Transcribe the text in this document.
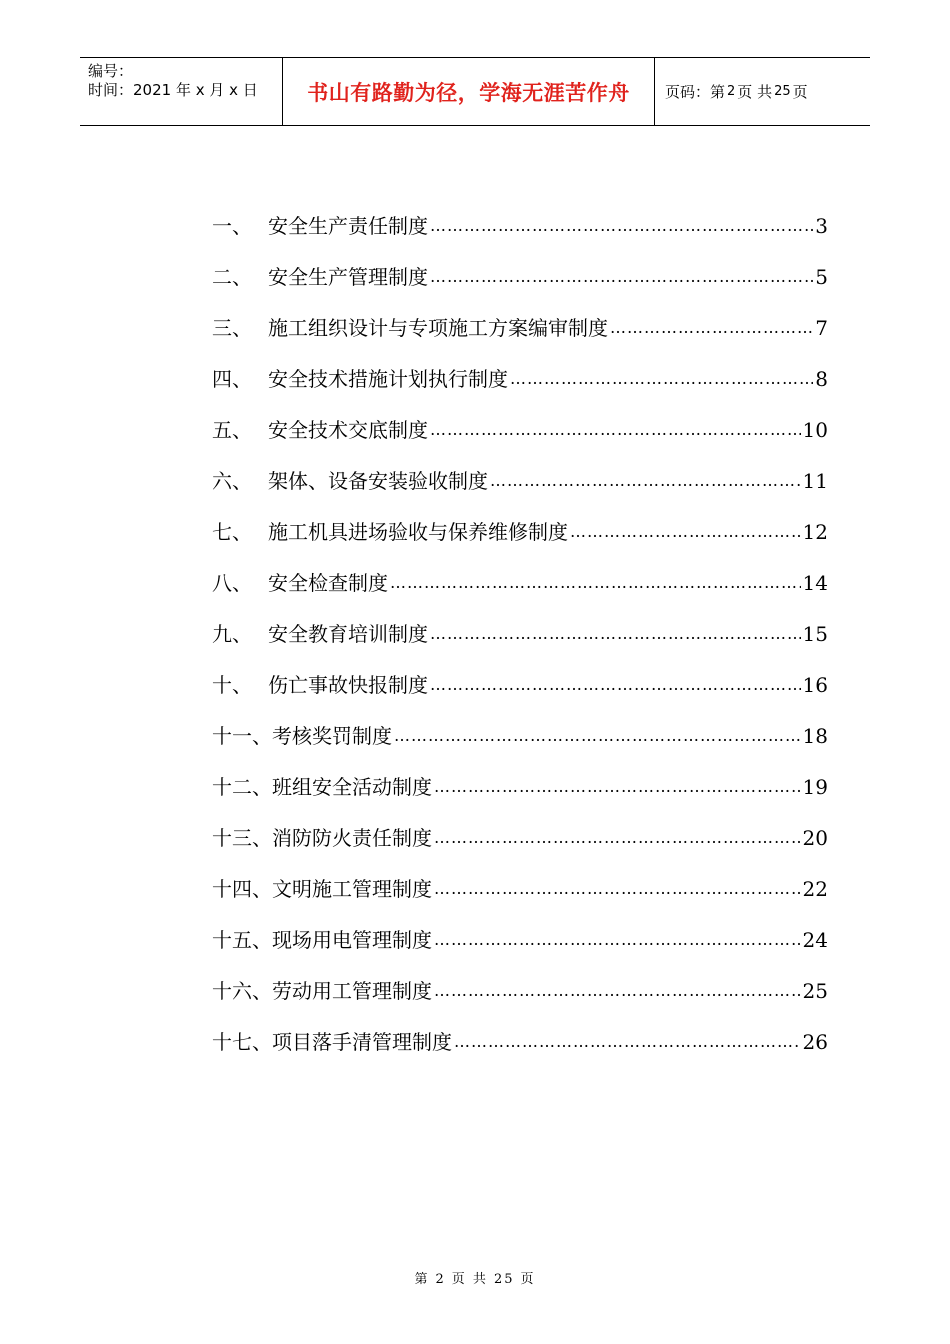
编号：
时间：2021 年 x 月 x 日	书山有路勤为径，学海无涯苦作舟	页码：第 2 页 共 25 页
一、 安全生产责任制度 ……………………………………………………………………………………………………………………………………………………	3
二、 安全生产管理制度 ……………………………………………………………………………………………………………………………………………………	5
三、 施工组织设计与专项施工方案编审制度 ……………………………………………………………………………………………………………………………………………………	7
四、 安全技术措施计划执行制度 ……………………………………………………………………………………………………………………………………………………	8
五、 安全技术交底制度 ……………………………………………………………………………………………………………………………………………………	10
六、 架体、设备安装验收制度 ……………………………………………………………………………………………………………………………………………………	11
七、 施工机具进场验收与保养维修制度 ……………………………………………………………………………………………………………………………………………………	12
八、 安全检查制度 ……………………………………………………………………………………………………………………………………………………	14
九、 安全教育培训制度 ……………………………………………………………………………………………………………………………………………………	15
十、 伤亡事故快报制度 ……………………………………………………………………………………………………………………………………………………	16
十一、 考核奖罚制度 ……………………………………………………………………………………………………………………………………………………	18
十二、 班组安全活动制度 ……………………………………………………………………………………………………………………………………………………	19
十三、 消防防火责任制度 ……………………………………………………………………………………………………………………………………………………	20
十四、 文明施工管理制度 ……………………………………………………………………………………………………………………………………………………	22
十五、 现场用电管理制度 ……………………………………………………………………………………………………………………………………………………	24
十六、 劳动用工管理制度 ……………………………………………………………………………………………………………………………………………………	25
十七、 项目落手清管理制度 ……………………………………………………………………………………………………………………………………………………	26
第 2 页 共 25 页
